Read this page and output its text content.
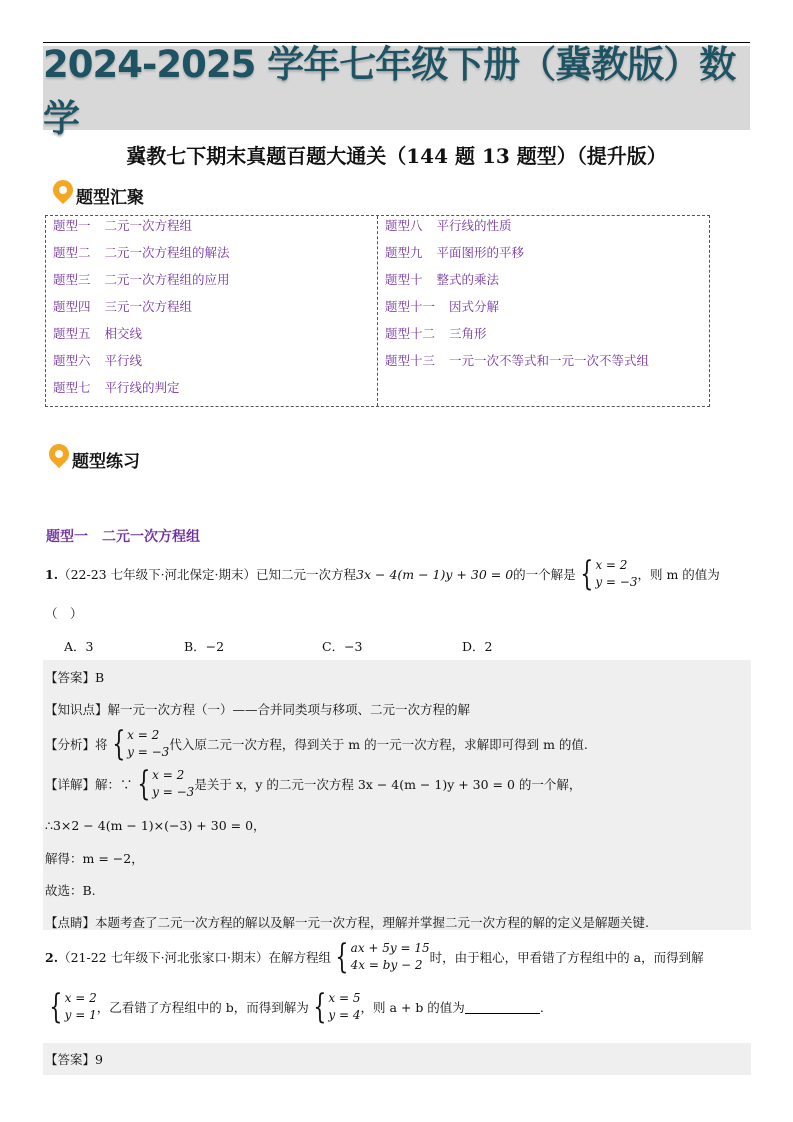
2024-2025 学年七年级下册（冀教版）数学
冀教七下期末真题百题大通关（144 题 13 题型）（提升版）
题型汇聚
题型一 二元一次方程组
题型二 二元一次方程组的解法
题型三 二元一次方程组的应用
题型四 三元一次方程组
题型五 相交线
题型六 平行线
题型七 平行线的判定
题型八 平行线的性质
题型九 平面图形的平移
题型十 整式的乘法
题型十一 因式分解
题型十二 三角形
题型十三 一元一次不等式和一元一次不等式组
题型练习
题型一　二元一次方程组
1. （22-23 七年级下·河北保定·期末）已知二元一次方程 3x − 4(m − 1)y + 30 = 0 的一个解是 { x = 2
y = −3 ，则 m 的值为
（　）
A．3	B．−2	C．−3	D．2
【答案】B
【知识点】解一元一次方程（一）——合并同类项与移项、二元一次方程的解
【分析】将 { x = 2
y = −3 代入原二元一次方程，得到关于 m 的一元一次方程，求解即可得到 m 的值.
【详解】解：∵ { x = 2
y = −3 是关于 x，y 的二元一次方程 3x − 4(m − 1)y + 30 = 0 的一个解，
∴3×2 − 4(m − 1)×(−3) + 30 = 0，
解得：m = −2，
故选：B.
【点睛】本题考查了二元一次方程的解以及解一元一次方程，理解并掌握二元一次方程的解的定义是解题关键.
2. （21-22 七年级下·河北张家口·期末）在解方程组 { ax + 5y = 15
4x = by − 2 时，由于粗心，甲看错了方程组中的 a，而得到解
{ x = 2
y = 1 ，乙看错了方程组中的 b，而得到解为 { x = 5
y = 4 ，则 a + b 的值为	.
【答案】9
